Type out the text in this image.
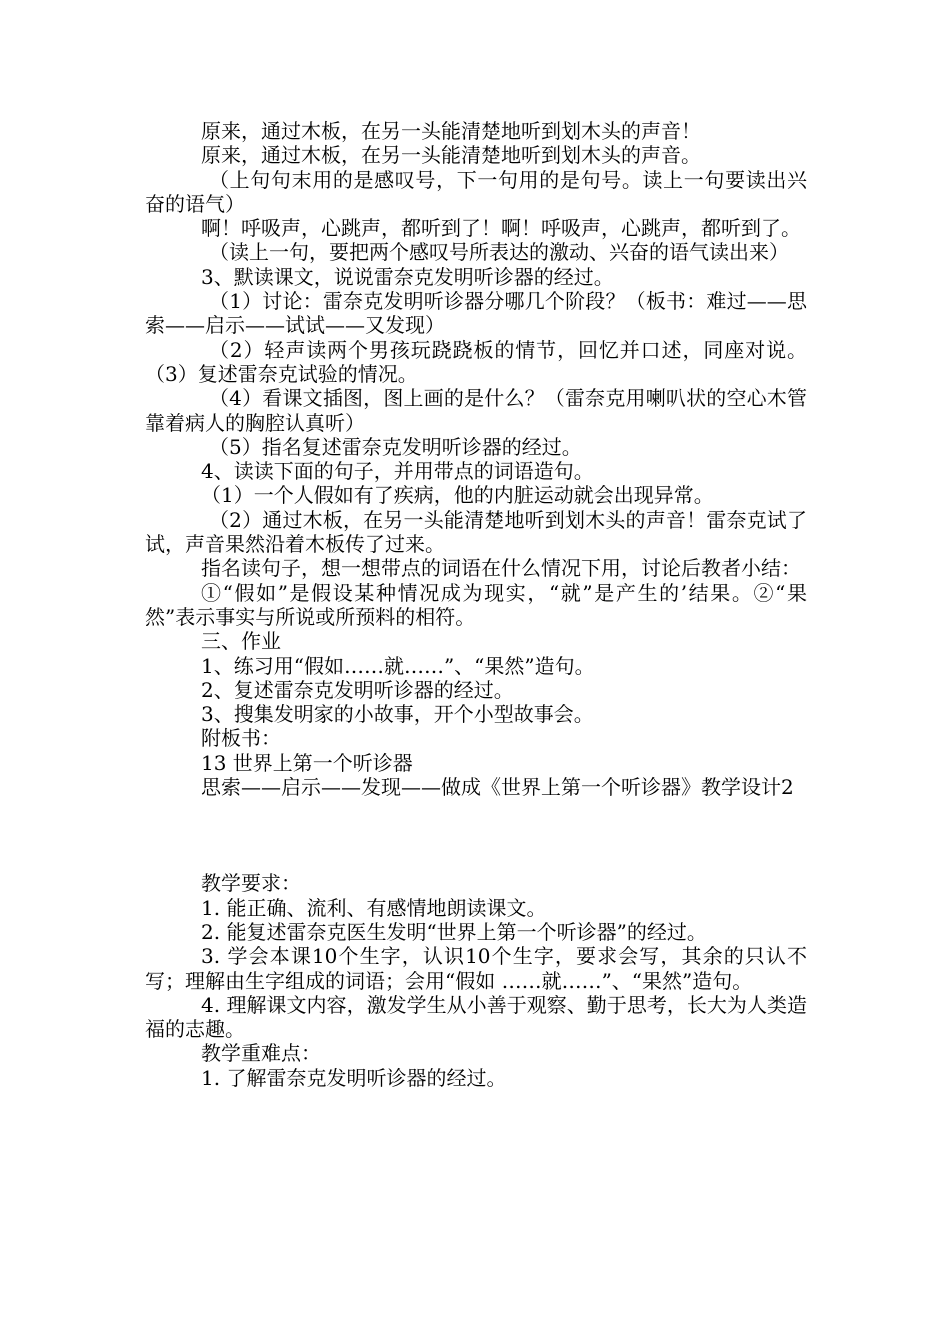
原来，通过木板，在另一头能清楚地听到划木头的声音！

原来，通过木板，在另一头能清楚地听到划木头的声音。

（上句句末用的是感叹号，下一句用的是句号。读上一句要读出兴奋的语气）

啊！呼吸声，心跳声，都听到了！啊！呼吸声，心跳声，都听到了。

（读上一句，要把两个感叹号所表达的激动、兴奋的语气读出来）

3、默读课文，说说雷奈克发明听诊器的经过。

（1）讨论：雷奈克发明听诊器分哪几个阶段？（板书：难过——思索——启示——试试——又发现）

（2）轻声读两个男孩玩跷跷板的情节，回忆并口述，同座对说。（3）复述雷奈克试验的情况。

（4）看课文插图，图上画的是什么？（雷奈克用喇叭状的空心木管靠着病人的胸腔认真听）

（5）指名复述雷奈克发明听诊器的经过。

4、读读下面的句子，并用带点的词语造句。

（1）一个人假如有了疾病，他的内脏运动就会出现异常。

（2）通过木板，在另一头能清楚地听到划木头的声音！雷奈克试了试，声音果然沿着木板传了过来。

指名读句子，想一想带点的词语在什么情况下用，讨论后教者小结：

①“假如”是假设某种情况成为现实，“就”是产生的’结果。②“果然”表示事实与所说或所预料的相符。

三、作业

1、练习用“假如……就……”、“果然”造句。

2、复述雷奈克发明听诊器的经过。

3、搜集发明家的小故事，开个小型故事会。

附板书：

13 世界上第一个听诊器

思索——启示——发现——做成《世界上第一个听诊器》教学设计2

教学要求：

1. 能正确、流利、有感情地朗读课文。

2. 能复述雷奈克医生发明“世界上第一个听诊器”的经过。

3. 学会本课10个生字，认识10个生字，要求会写，其余的只认不写；理解由生字组成的词语；会用“假如 ……就……”、“果然”造句。

4. 理解课文内容，激发学生从小善于观察、勤于思考，长大为人类造福的志趣。

教学重难点：

1. 了解雷奈克发明听诊器的经过。
